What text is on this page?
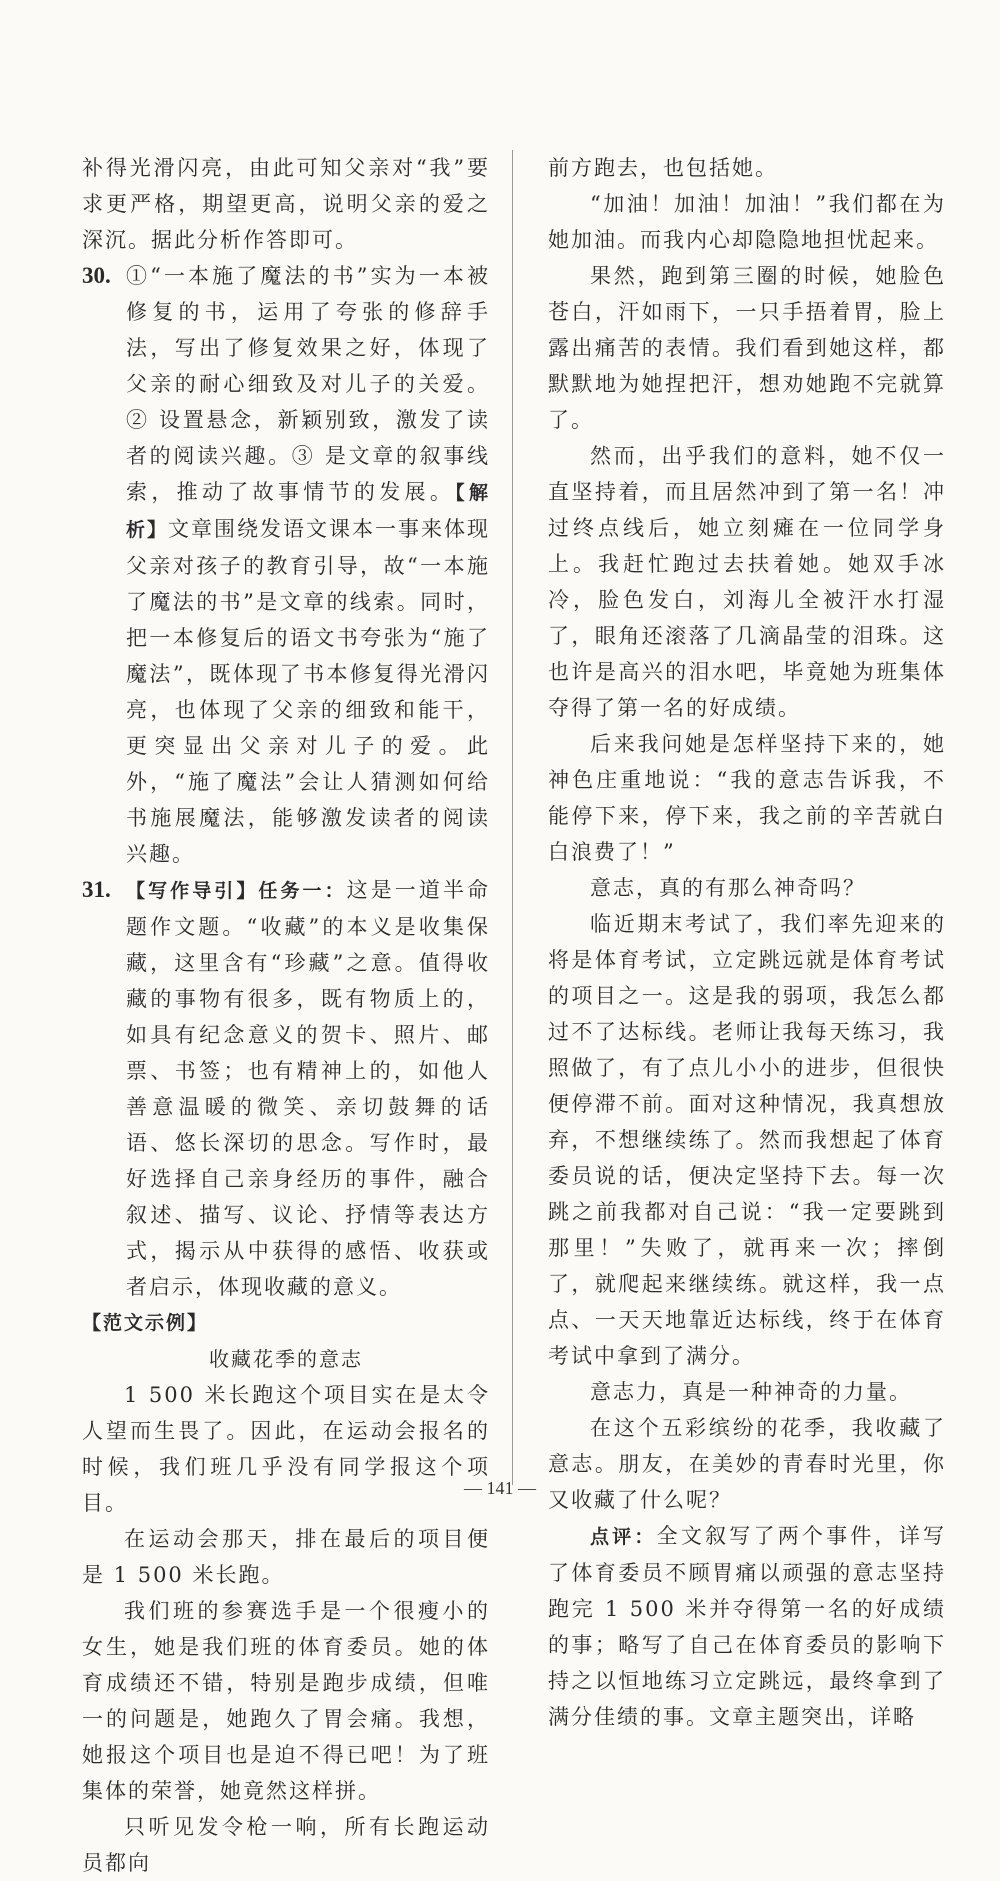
补得光滑闪亮，由此可知父亲对“我”要求更严格，期望更高，说明父亲的爱之深沉。据此分析作答即可。

30. ①“一本施了魔法的书”实为一本被修复的书，运用了夸张的修辞手法，写出了修复效果之好，体现了父亲的耐心细致及对儿子的关爱。② 设置悬念，新颖别致，激发了读者的阅读兴趣。③ 是文章的叙事线索，推动了故事情节的发展。【解析】文章围绕发语文课本一事来体现父亲对孩子的教育引导，故“一本施了魔法的书”是文章的线索。同时，把一本修复后的语文书夸张为“施了魔法”，既体现了书本修复得光滑闪亮，也体现了父亲的细致和能干，更突显出父亲对儿子的爱。此外，“施了魔法”会让人猜测如何给书施展魔法，能够激发读者的阅读兴趣。
31. 【写作导引】任务一：这是一道半命题作文题。“收藏”的本义是收集保藏，这里含有“珍藏”之意。值得收藏的事物有很多，既有物质上的，如具有纪念意义的贺卡、照片、邮票、书签；也有精神上的，如他人善意温暖的微笑、亲切鼓舞的话语、悠长深切的思念。写作时，最好选择自己亲身经历的事件，融合叙述、描写、议论、抒情等表达方式，揭示从中获得的感悟、收获或者启示，体现收藏的意义。

【范文示例】

收藏花季的意志

1 500 米长跑这个项目实在是太令人望而生畏了。因此，在运动会报名的时候，我们班几乎没有同学报这个项目。

在运动会那天，排在最后的项目便是 1 500 米长跑。

我们班的参赛选手是一个很瘦小的女生，她是我们班的体育委员。她的体育成绩还不错，特别是跑步成绩，但唯一的问题是，她跑久了胃会痛。我想，她报这个项目也是迫不得已吧！为了班集体的荣誉，她竟然这样拼。

只听见发令枪一响，所有长跑运动员都向

前方跑去，也包括她。

“加油！加油！加油！”我们都在为她加油。而我内心却隐隐地担忧起来。

果然，跑到第三圈的时候，她脸色苍白，汗如雨下，一只手捂着胃，脸上露出痛苦的表情。我们看到她这样，都默默地为她捏把汗，想劝她跑不完就算了。

然而，出乎我们的意料，她不仅一直坚持着，而且居然冲到了第一名！冲过终点线后，她立刻瘫在一位同学身上。我赶忙跑过去扶着她。她双手冰冷，脸色发白，刘海儿全被汗水打湿了，眼角还滚落了几滴晶莹的泪珠。这也许是高兴的泪水吧，毕竟她为班集体夺得了第一名的好成绩。

后来我问她是怎样坚持下来的，她神色庄重地说：“我的意志告诉我，不能停下来，停下来，我之前的辛苦就白白浪费了！”

意志，真的有那么神奇吗？

临近期末考试了，我们率先迎来的将是体育考试，立定跳远就是体育考试的项目之一。这是我的弱项，我怎么都过不了达标线。老师让我每天练习，我照做了，有了点儿小小的进步，但很快便停滞不前。面对这种情况，我真想放弃，不想继续练了。然而我想起了体育委员说的话，便决定坚持下去。每一次跳之前我都对自己说：“我一定要跳到那里！”失败了，就再来一次；摔倒了，就爬起来继续练。就这样，我一点点、一天天地靠近达标线，终于在体育考试中拿到了满分。

意志力，真是一种神奇的力量。

在这个五彩缤纷的花季，我收藏了意志。朋友，在美妙的青春时光里，你又收藏了什么呢？

点评：全文叙写了两个事件，详写了体育委员不顾胃痛以顽强的意志坚持跑完 1 500 米并夺得第一名的好成绩的事；略写了自己在体育委员的影响下持之以恒地练习立定跳远，最终拿到了满分佳绩的事。文章主题突出，详略

— 141 —
